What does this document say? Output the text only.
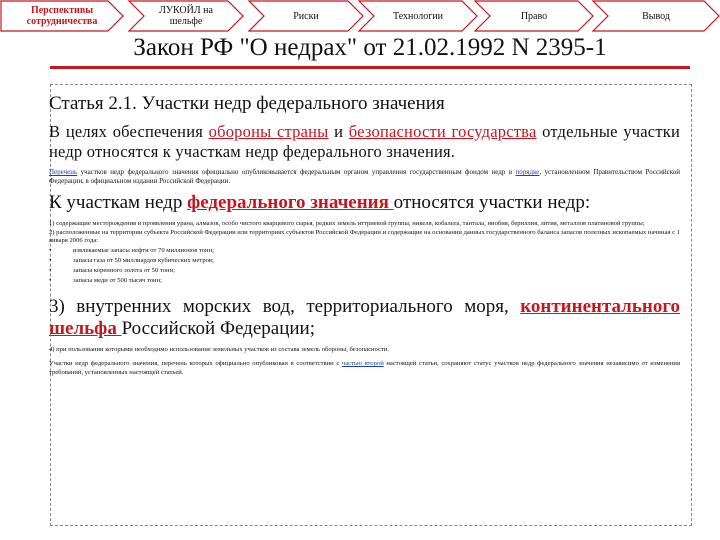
Перспективы сотрудничества
ЛУКОЙЛ на шельфе	Риски	Технологии	Право	Вывод
Закон РФ "О недрах" от 21.02.1992 N 2395-1
Статья 2.1. Участки недр федерального значения

В целях обеспечения обороны страны и безопасности государства отдельные участки недр относятся к участкам недр федерального значения.

Перечень участков недр федерального значения официально опубликовывается федеральным органом управления государственным фондом недр в порядке, установленном Правительством Российской Федерации, в официальном издании Российской Федерации.

К участкам недр федерального значения относятся участки недр:

1) содержащие месторождения и проявления урана, алмазов, особо чистого кварцевого сырья, редких земель иттриевой группы, никеля, кобальта, тантала, ниобия, бериллия, лития, металлов платиновой группы;

2) расположенные на территории субъекта Российской Федерации или территориях субъектов Российской Федерации и содержащие на основании данных государственного баланса запасов полезных ископаемых начиная с 1 января 2006 года:

•	извлекаемые запасы нефти от 70 миллионов тонн;
•	запасы газа от 50 миллиардов кубических метров;
•	запасы коренного золота от 50 тонн;
•	запасы меди от 500 тысяч тонн;

3) внутренних морских вод, территориального моря, континентального шельфа Российской Федерации;

4) при пользовании которыми необходимо использование земельных участков из состава земель обороны, безопасности.

Участки недр федерального значения, перечень которых официально опубликован в соответствии с частью второй настоящей статьи, сохраняют статус участков недр федерального значения независимо от изменения требований, установленных настоящей статьей.
